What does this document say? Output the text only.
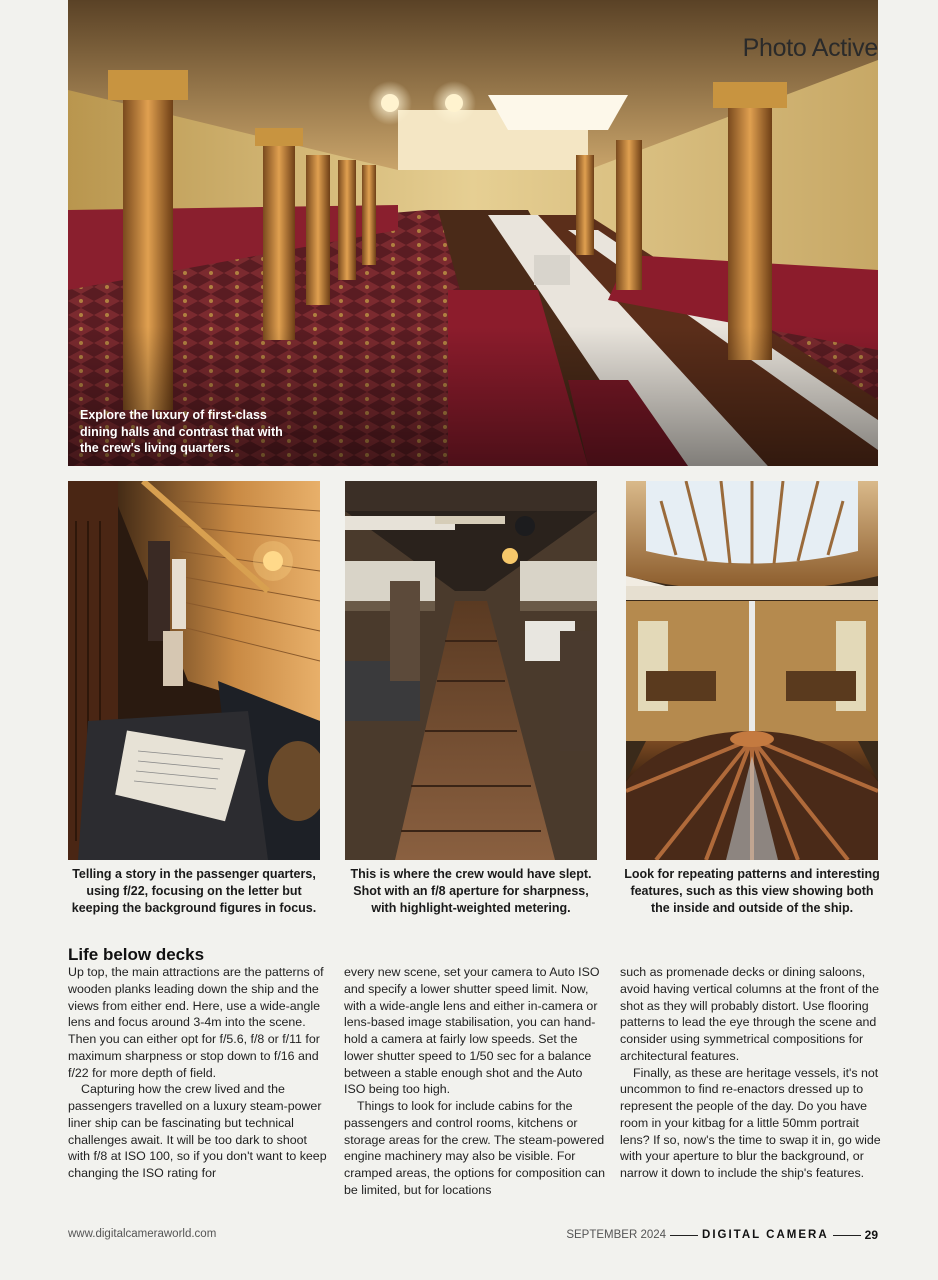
Photo Active
Explore the luxury of first-class dining halls and contrast that with the crew's living quarters.
Telling a story in the passenger quarters, using f/22, focusing on the letter but keeping the background figures in focus.
This is where the crew would have slept. Shot with an f/8 aperture for sharpness, with highlight-weighted metering.
Look for repeating patterns and interesting features, such as this view showing both the inside and outside of the ship.
Life below decks

Up top, the main attractions are the patterns of wooden planks leading down the ship and the views from either end. Here, use a wide-angle lens and focus around 3-4m into the scene. Then you can either opt for f/5.6, f/8 or f/11 for maximum sharpness or stop down to f/16 and f/22 for more depth of field.

Capturing how the crew lived and the passengers travelled on a luxury steam-power liner ship can be fascinating but technical challenges await. It will be too dark to shoot with f/8 at ISO 100, so if you don't want to keep changing the ISO rating for

every new scene, set your camera to Auto ISO and specify a lower shutter speed limit. Now, with a wide-angle lens and either in-camera or lens-based image stabilisation, you can hand-hold a camera at fairly low speeds. Set the lower shutter speed to 1/50 sec for a balance between a stable enough shot and the Auto ISO being too high.

Things to look for include cabins for the passengers and control rooms, kitchens or storage areas for the crew. The steam-powered engine machinery may also be visible. For cramped areas, the options for composition can be limited, but for locations

such as promenade decks or dining saloons, avoid having vertical columns at the front of the shot as they will probably distort. Use flooring patterns to lead the eye through the scene and consider using symmetrical compositions for architectural features.

Finally, as these are heritage vessels, it's not uncommon to find re-enactors dressed up to represent the people of the day. Do you have room in your kitbag for a little 50mm portrait lens? If so, now's the time to swap it in, go wide with your aperture to blur the background, or narrow it down to include the ship's features.

www.digitalcameraworld.com	SEPTEMBER 2024	DIGITAL CAMERA	29
